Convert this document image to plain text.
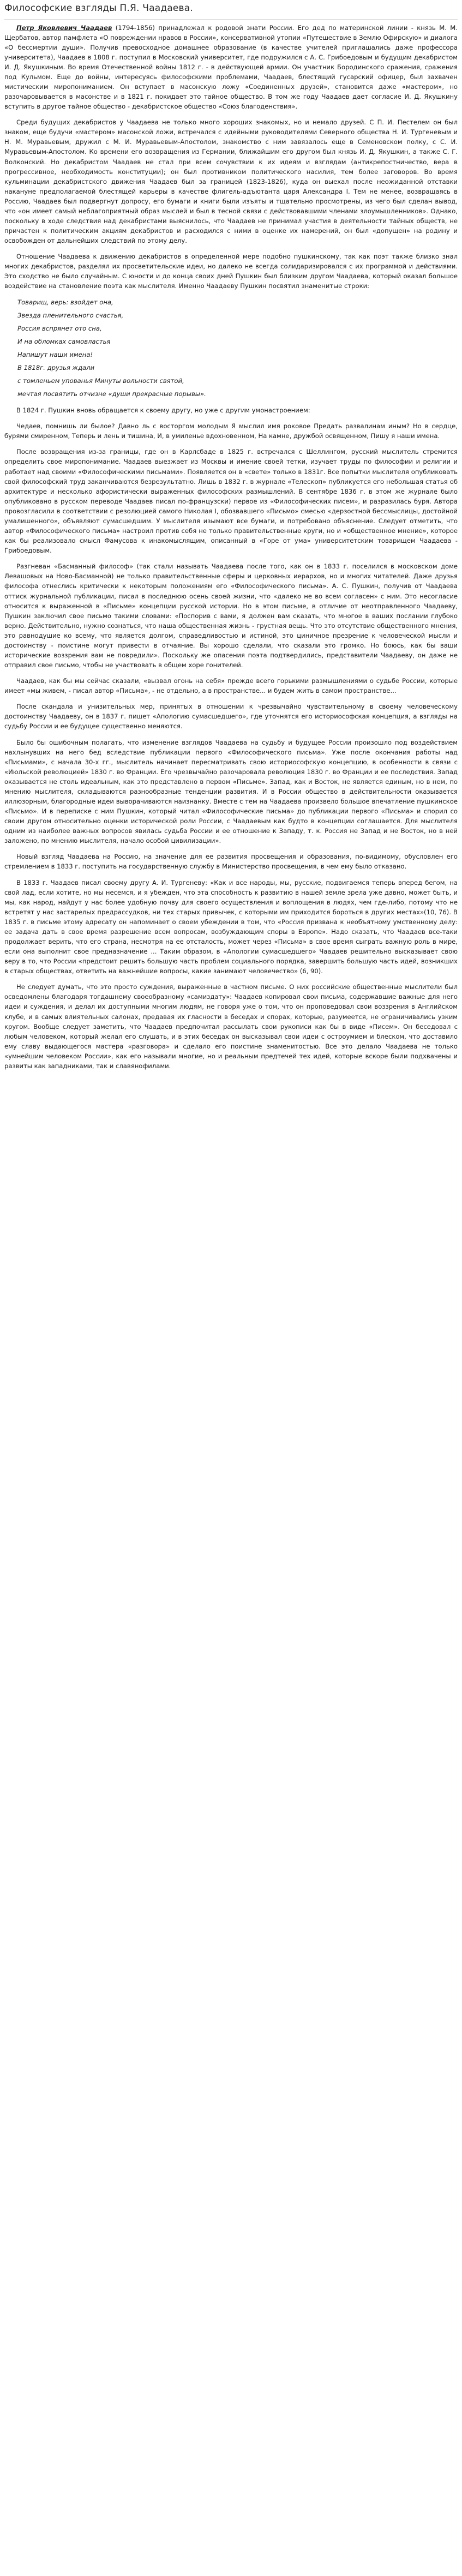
Философские взгляды П.Я. Чаадаева.

Петр Яковлевич Чаадаев (1794-1856) принадлежал к родовой знати России. Его дед по материнской линии - князь М. М. Щербатов, автор памфлета «О повреждении нравов в России», консервативной утопии «Путешествие в Землю Офирскую» и диалога «О бессмертии души». Получив превосходное домашнее образование (в качестве учителей приглашались даже профессора университета), Чаадаев в 1808 г. поступил в Московский университет, где подружился с А. С. Грибоедовым и будущим декабристом И. Д. Якушкиным. Во время Отечественной войны 1812 г. - в действующей армии. Он участник Бородинского сражения, сражения под Кульмом. Еще до войны, интересуясь философскими проблемами, Чаадаев, блестящий гусарский офицер, был захвачен мистическим миропониманием. Он вступает в масонскую ложу «Соединенных друзей», становится даже «мастером», но разочаровывается в масонстве и в 1821 г. покидает это тайное общество. В том же году Чаадаев дает согласие И. Д. Якушкину вступить в другое тайное общество - декабристское общество «Союз благоденствия».

Среди будущих декабристов у Чаадаева не только много хороших знакомых, но и немало друзей. С П. И. Пестелем он был знаком, еще будучи «мастером» масонской ложи, встречался с идейными руководителями Северного общества Н. И. Тургеневым и Н. М. Муравьевым, дружил с М. И. Муравьевым-Апостолом, знакомство с ним завязалось еще в Семеновском полку, с С. И. Муравьевым-Апостолом. Ко времени его возвращения из Германии, ближайшим его другом был князь И. Д. Якушкин, а также С. Г. Волконский. Но декабристом Чаадаев не стал при всем сочувствии к их идеям и взглядам (антикрепостничество, вера в прогрессивное, необходимость конституции); он был противником политического насилия, тем более заговоров. Во время кульминации декабристского движения Чаадаев был за границей (1823-1826), куда он выехал после неожиданной отставки накануне предполагаемой блестящей карьеры в качестве флигель-адъютанта царя Александра I. Тем не менее, возвращаясь в Россию, Чаадаев был подвергнут допросу, его бумаги и книги были изъяты и тщательно просмотрены, из чего был сделан вывод, что «он имеет самый неблагоприятный образ мыслей и был в тесной связи с действовавшими членами злоумышленников». Однако, поскольку в ходе следствия над декабристами выяснилось, что Чаадаев не принимал участия в деятельности тайных обществ, не причастен к политическим акциям декабристов и расходился с ними в оценке их намерений, он был «допущен» на родину и освобожден от дальнейших следствий по этому делу.

Отношение Чаадаева к движению декабристов в определенной мере подобно пушкинскому, так как поэт также близко знал многих декабристов, разделял их просветительские идеи, но далеко не всегда солидаризировался с их программой и действиями. Это сходство не было случайным. С юности и до конца своих дней Пушкин был близким другом Чаадаева, который оказал большое воздействие на становление поэта как мыслителя. Именно Чаадаеву Пушкин посвятил знаменитые строки:

Товарищ, верь: взойдет она,
Звезда пленительного счастья,
Россия вспрянет ото сна,
И на обломках самовластья
Напишут наши имена!
В 1818г. друзья ждали
с томленьем упованья Минуты вольности святой,
мечтая посвятить отчизне «души прекрасные порывы».

В 1824 г. Пушкин вновь обращается к своему другу, но уже с другим умонастроением:

Чедаев, помнишь ли былое? Давно ль с восторгом молодым Я мыслил имя роковое Предать развалинам иным? Но в сердце, бурями смиренном, Теперь и лень и тишина, И, в умиленье вдохновенном, На камне, дружбой освященном, Пишу я наши имена.

После возвращения из-за границы, где он в Карлсбаде в 1825 г. встречался с Шеллингом, русский мыслитель стремится определить свое миропонимание. Чаадаев выезжает из Москвы и имение своей тетки, изучает труды по философии и религии и работает над своими «Философическими письмами». Появляется он в «свете» только в 1831г. Все попытки мыслителя опубликовать свой философский труд заканчиваются безрезультатно. Лишь в 1832 г. в журнале «Телескоп» публикуется его небольшая статья об архитектуре и несколько афористически выраженных философских размышлений. В сентябре 1836 г. в этом же журнале было опубликовано в русском переводе Чаадаев писал по-французски) первое из «Философических писем», и разразилась буря. Автора провозгласили в соответствии с резолюцией самого Николая I, обозвавшего «Письмо» смесью «дерзостной бессмыслицы, достойной умалишенного», объявляют сумасшедшим. У мыслителя изымают все бумаги, и потребовано объяснение. Следует отметить, что автор «Философического письма» настроил против себя не только правительственные круги, но и «общественное мнение», которое как бы реализовало смысл Фамусова к инакомыслящим, описанный в «Горе от ума» университетским товарищем Чаадаева - Грибоедовым.

Разгневан «Басманный философ» (так стали называть Чаадаева после того, как он в 1833 г. поселился в московском доме Левашовых на Ново-Басманной) не только правительственные сферы и церковных иерархов, но и многих читателей. Даже друзья философа отнеслись критически к некоторым положениям его «Философического письма». А. С. Пушкин, получив от Чаадаева оттиск журнальной публикации, писал в последнюю осень своей жизни, что «далеко не во всем согласен» с ним. Это несогласие относится к выраженной в «Письме» концепции русской истории. Но в этом письме, в отличие от неотправленного Чаадаеву, Пушкин заключил свое письмо такими словами: «Поспорив с вами, я должен вам сказать, что многое в ваших послании глубоко верно. Действительно, нужно сознаться, что наша общественная жизнь - грустная вещь. Что это отсутствие общественного мнения, это равнодушие ко всему, что является долгом, справедливостью и истиной, это циничное презрение к человеческой мысли и достоинству - поистине могут привести в отчаяние. Вы хорошо сделали, что сказали это громко. Но боюсь, как бы ваши исторические воззрения вам не повредили». Поскольку же опасения поэта подтвердились, представители Чаадаеву, он даже не отправил свое письмо, чтобы не участвовать в общем хоре гонителей.

Чаадаев, как бы мы сейчас сказали, «вызвал огонь на себя» прежде всего горькими размышлениями о судьбе России, которые имеет «мы живем, - писал автор «Письма», - не отдельно, а в пространстве... и будем жить в самом пространстве...

После скандала и унизительных мер, принятых в отношении к чрезвычайно чувствительному в своему человеческому достоинству Чаадаеву, он в 1837 г. пишет «Апологию сумасшедшего», где уточнятся его историософская концепция, а взгляды на судьбу России и ее будущее существенно меняются.

Было бы ошибочным полагать, что изменение взглядов Чаадаева на судьбу и будущее России произошло под воздействием нахлынувших на него бед вследствие публикации первого «Философического письма». Уже после окончания работы над «Письмами», с начала 30-х гг., мыслитель начинает пересматривать свою историософскую концепцию, в особенности в связи с «Июльской революцией» 1830 г. во Франции. Его чрезвычайно разочаровала революция 1830 г. во Франции и ее последствия. Запад оказывается не столь идеальным, как это представлено в первом «Письме». Запад, как и Восток, не является единым, но в нем, по мнению мыслителя, складываются разнообразные тенденции развития. И в России общество в действительности оказывается иллюзорным, благородные идеи выворачиваются наизнанку. Вместе с тем на Чаадаева произвело большое впечатление пушкинское «Письмо». И в переписке с ним Пушкин, который читал «Философические письма» до публикации первого «Письма» и спорил со своим другом относительно оценки исторической роли России, с Чаадаевым как будто в концепции соглашается. Для мыслителя одним из наиболее важных вопросов явилась судьба России и ее отношение к Западу, т. к. Россия не Запад и не Восток, но в ней заложено, по мнению мыслителя, начало особой цивилизации».

Новый взгляд Чаадаева на Россию, на значение для ее развития просвещения и образования, по-видимому, обусловлен его стремлением в 1833 г. поступить на государственную службу в Министерство просвещения, в чем ему было отказано.

В 1833 г. Чаадаев писал своему другу А. И. Тургеневу: «Как и все народы, мы, русские, подвигаемся теперь вперед бегом, на свой лад, если хотите, но мы несемся, и я убежден, что эта способность к развитию в нашей земле зрела уже давно, может быть, и мы, как народ, найдут у нас более удобную почву для своего осуществления и воплощения в людях, чем где-либо, потому что не встретят у нас застарелых предрассудков, ни тех старых привычек, с которыми им приходится бороться в других местах»(10, 76). В 1835 г. в письме этому адресату он напоминает о своем убеждении в том, что «Россия призвана к необъятному умственному делу: ее задача дать в свое время разрешение всем вопросам, возбуждающим споры в Европе». Надо сказать, что Чаадаев все-таки продолжает верить, что его страна, несмотря на ее отсталость, может через «Письма» в свое время сыграть важную роль в мире, если она выполнит свое предназначение ... Таким образом, в «Апологии сумасшедшего» Чаадаев решительно высказывает свою веру в то, что России «предстоит решить большую часть проблем социального порядка, завершить большую часть идей, возникших в старых обществах, ответить на важнейшие вопросы, какие занимают человечество» (6, 90).

Не следует думать, что это просто суждения, выраженные в частном письме. О них российские общественные мыслители был осведомлены благодаря тогдашнему своеобразному «самиздату»: Чаадаев копировал свои письма, содержавшие важные для него идеи и суждения, и делал их доступными многим людям, не говоря уже о том, что он проповедовал свои воззрения в Английском клубе, и в самых влиятельных салонах, предавая их гласности в беседах и спорах, которые, разумеется, не ограничивались узким кругом. Вообще следует заметить, что Чаадаев предпочитал рассылать свои рукописи как бы в виде «Писем». Он беседовал с любым человеком, который желал его слушать, и в этих беседах он высказывал свои идеи с остроумием и блеском, что доставило ему славу выдающегося мастера «разговора» и сделало его поистине знаменитостью. Все это делало Чаадаева не только «умнейшим человеком России», как его называли многие, но и реальным предтечей тех идей, которые вскоре были подхвачены и развиты как западниками, так и славянофилами.
